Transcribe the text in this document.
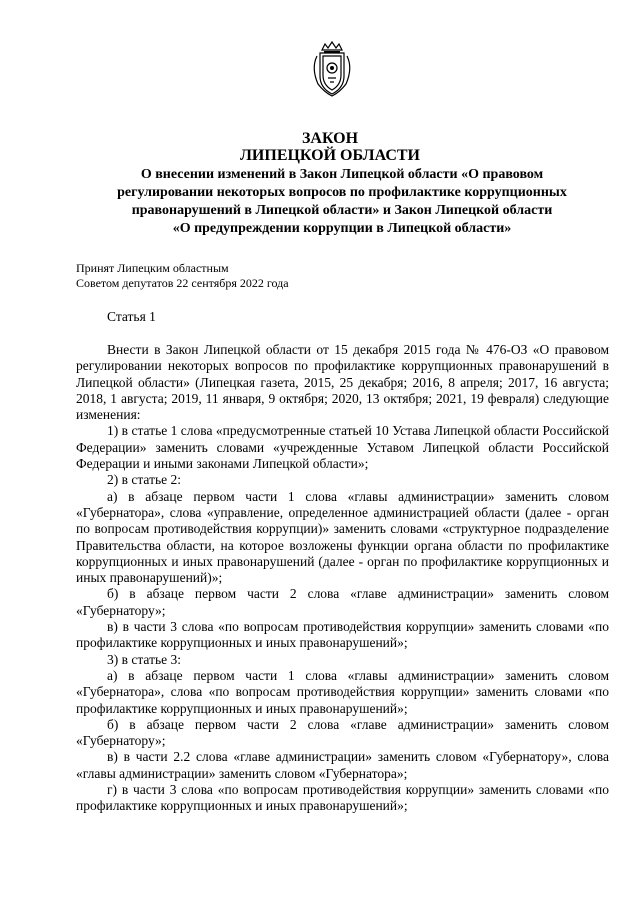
ЗАКОН
ЛИПЕЦКОЙ ОБЛАСТИ
О внесении изменений в Закон Липецкой области «О правовом
регулировании некоторых вопросов по профилактике коррупционных
правонарушений в Липецкой области» и Закон Липецкой области
«О предупреждении коррупции в Липецкой области»
Принят Липецким областным
Советом депутатов 22 сентября 2022 года
Статья 1

Внести в Закон Липецкой области от 15 декабря 2015 года № 476-ОЗ «О правовом регулировании некоторых вопросов по профилактике коррупционных правонарушений в Липецкой области» (Липецкая газета, 2015, 25 декабря; 2016, 8 апреля; 2017, 16 августа; 2018, 1 августа; 2019, 11 января, 9 октября; 2020, 13 октября; 2021, 19 февраля) следующие изменения:

1) в статье 1 слова «предусмотренные статьей 10 Устава Липецкой области Российской Федерации» заменить словами «учрежденные Уставом Липецкой области Российской Федерации и иными законами Липецкой области»;

2) в статье 2:

а) в абзаце первом части 1 слова «главы администрации» заменить словом «Губернатора», слова «управление, определенное администрацией области (далее - орган по вопросам противодействия коррупции)» заменить словами «структурное подразделение Правительства области, на которое возложены функции органа области по профилактике коррупционных и иных правонарушений (далее - орган по профилактике коррупционных и иных правонарушений)»;

б) в абзаце первом части 2 слова «главе администрации» заменить словом «Губернатору»;

в) в части 3 слова «по вопросам противодействия коррупции» заменить словами «по профилактике коррупционных и иных правонарушений»;

3) в статье 3:

а) в абзаце первом части 1 слова «главы администрации» заменить словом «Губернатора», слова «по вопросам противодействия коррупции» заменить словами «по профилактике коррупционных и иных правонарушений»;

б) в абзаце первом части 2 слова «главе администрации» заменить словом «Губернатору»;

в) в части 2.2 слова «главе администрации» заменить словом «Губернатору», слова «главы администрации» заменить словом «Губернатора»;

г) в части 3 слова «по вопросам противодействия коррупции» заменить словами «по профилактике коррупционных и иных правонарушений»;
